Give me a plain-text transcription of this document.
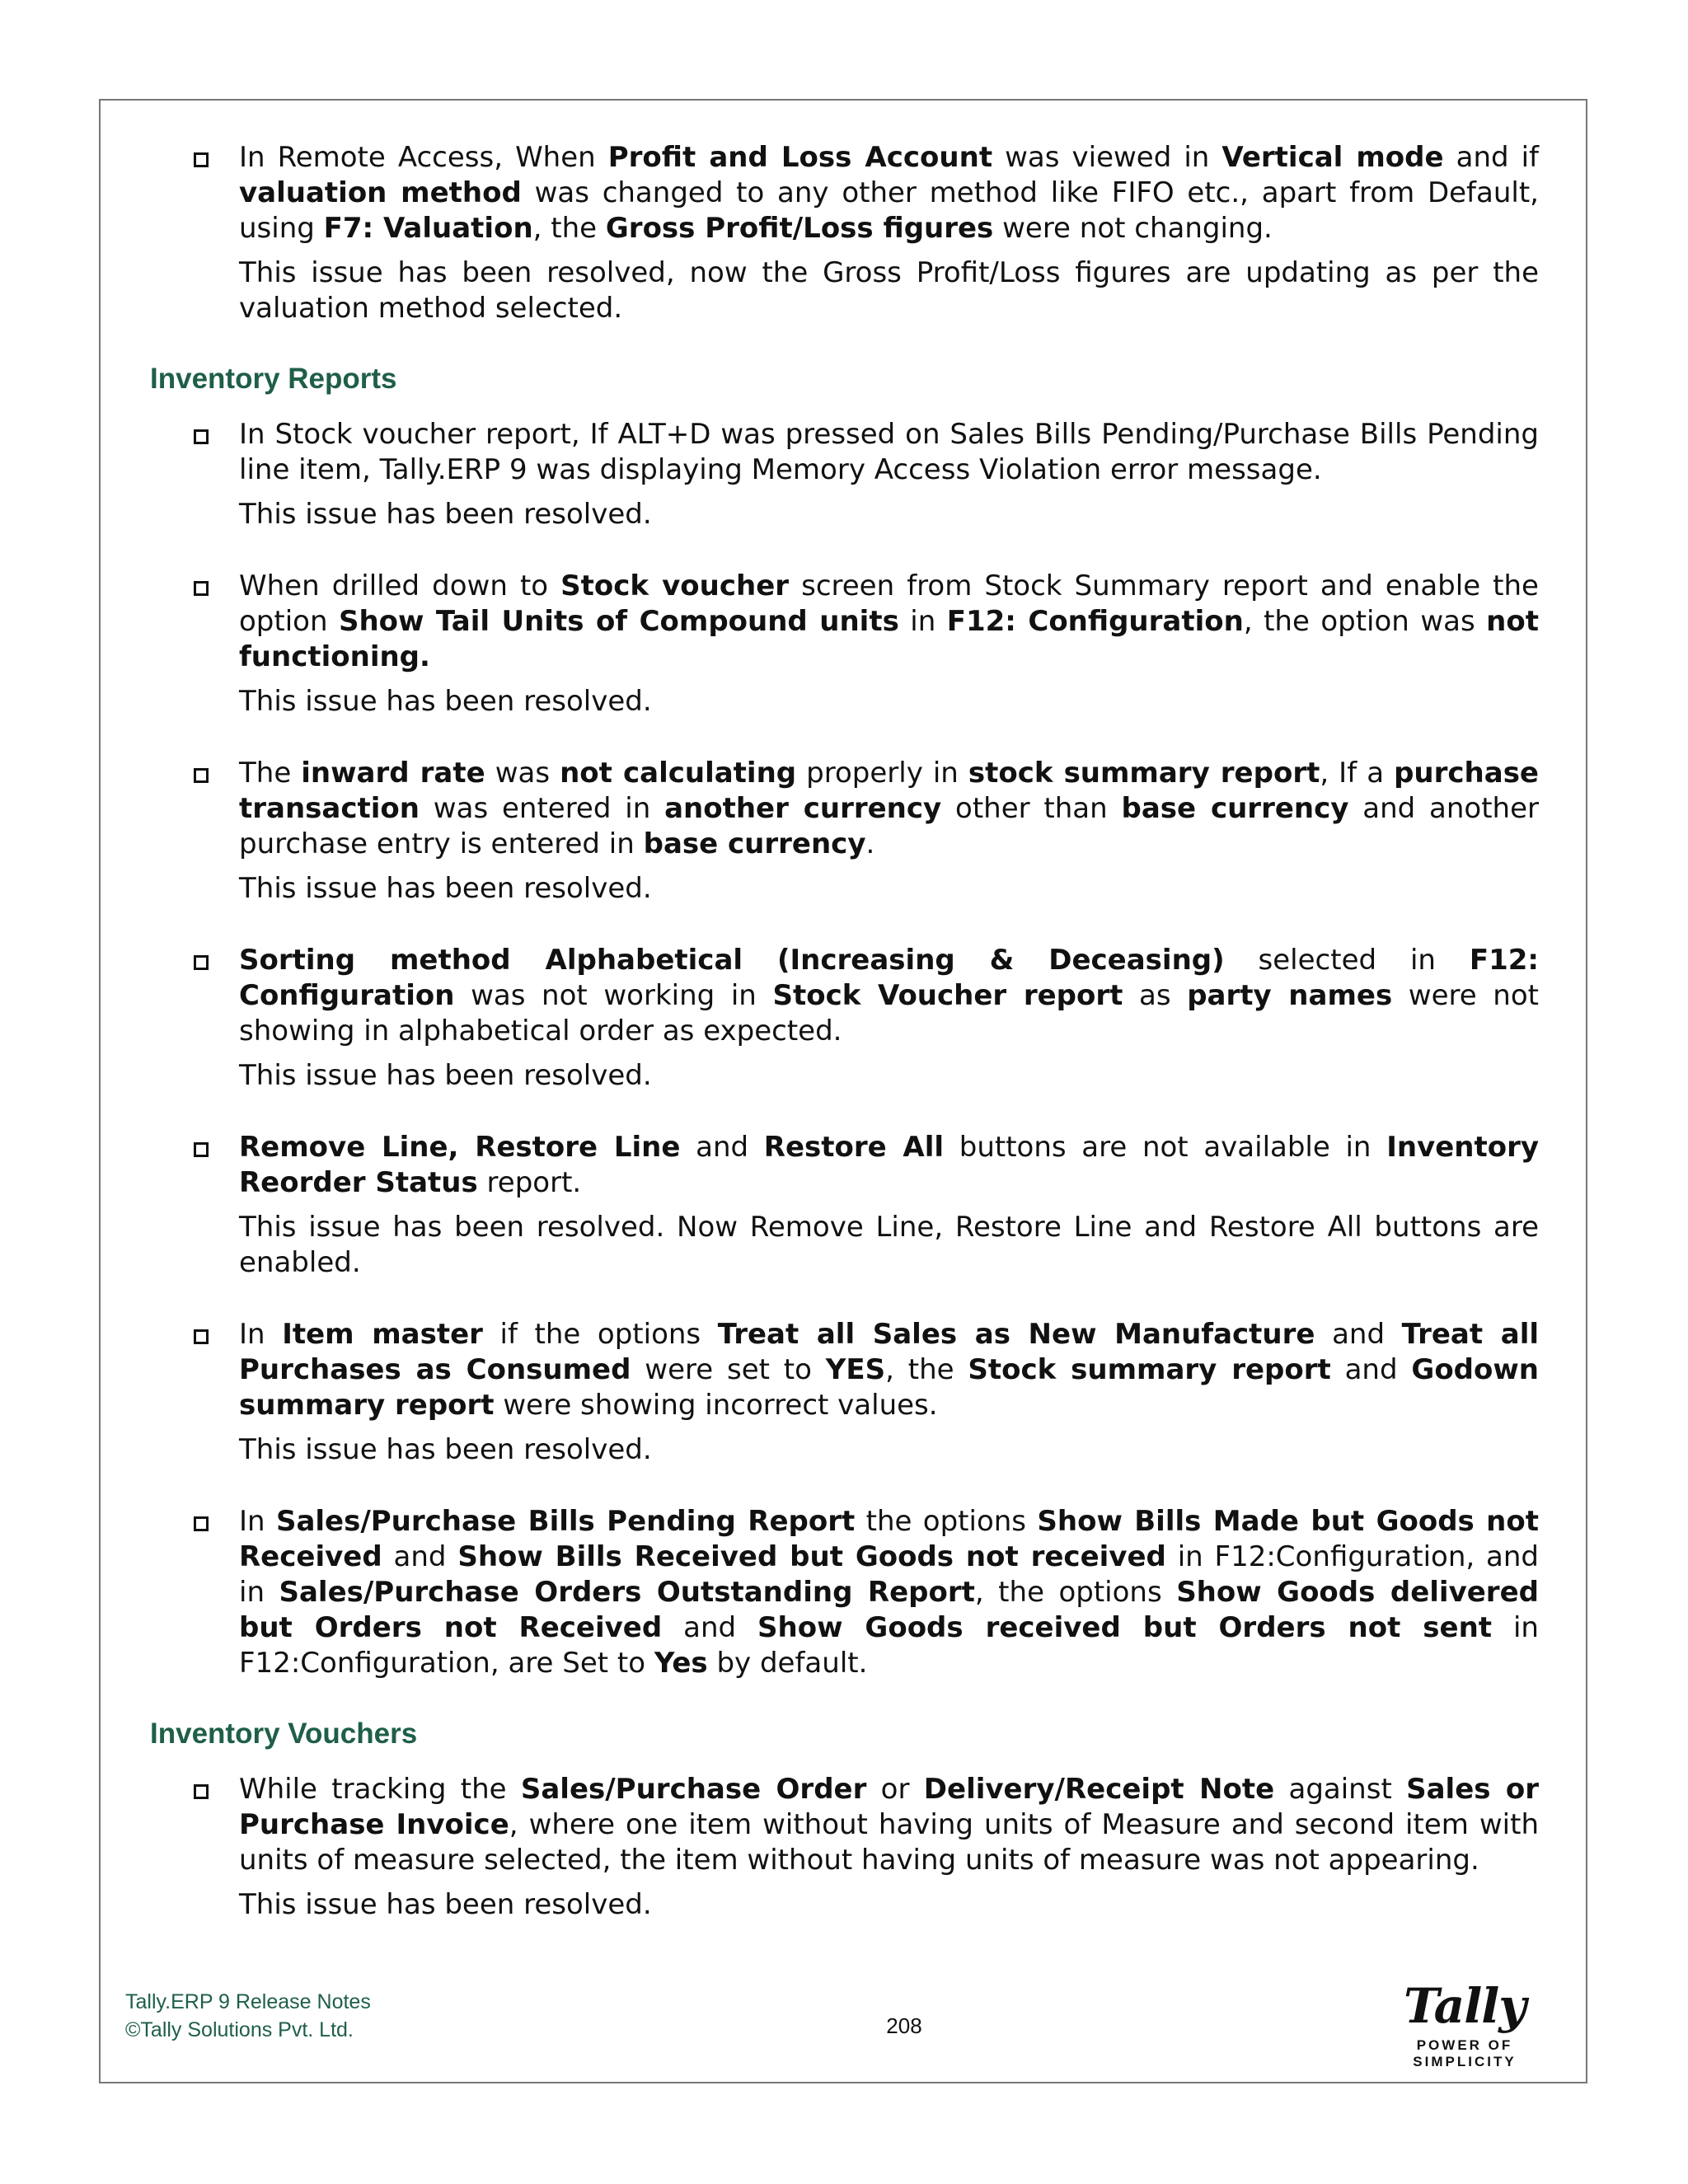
In Remote Access, When Profit and Loss Account was viewed in Vertical mode and if valuation method was changed to any other method like FIFO etc., apart from Default, using F7: Valuation, the Gross Profit/Loss figures were not changing.

This issue has been resolved, now the Gross Profit/Loss figures are updating as per the valuation method selected.

Inventory Reports

In Stock voucher report, If ALT+D was pressed on Sales Bills Pending/Purchase Bills Pending line item, Tally.ERP 9 was displaying Memory Access Violation error message.

This issue has been resolved.

When drilled down to Stock voucher screen from Stock Summary report and enable the option Show Tail Units of Compound units in F12: Configuration, the option was not functioning.

This issue has been resolved.

The inward rate was not calculating properly in stock summary report, If a purchase transaction was entered in another currency other than base currency and another purchase entry is entered in base currency.

This issue has been resolved.

Sorting method Alphabetical (Increasing & Deceasing) selected in F12: Configuration was not working in Stock Voucher report as party names were not showing in alphabetical order as expected.

This issue has been resolved.

Remove Line, Restore Line and Restore All buttons are not available in Inventory Reorder Status report.

This issue has been resolved. Now Remove Line, Restore Line and Restore All buttons are enabled.

In Item master if the options Treat all Sales as New Manufacture and Treat all Purchases as Consumed were set to YES, the Stock summary report and Godown summary report were showing incorrect values.

This issue has been resolved.

In Sales/Purchase Bills Pending Report the options Show Bills Made but Goods not Received and Show Bills Received but Goods not received in F12:Configuration, and in Sales/Purchase Orders Outstanding Report, the options Show Goods delivered but Orders not Received and Show Goods received but Orders not sent in F12:Configuration, are Set to Yes by default.

Inventory Vouchers

While tracking the Sales/Purchase Order or Delivery/Receipt Note against Sales or Purchase Invoice, where one item without having units of Measure and second item with units of measure selected, the item without having units of measure was not appearing.

This issue has been resolved.

Tally.ERP 9 Release Notes
©Tally Solutions Pvt. Ltd.	208	Tally
POWER OF SIMPLICITY
